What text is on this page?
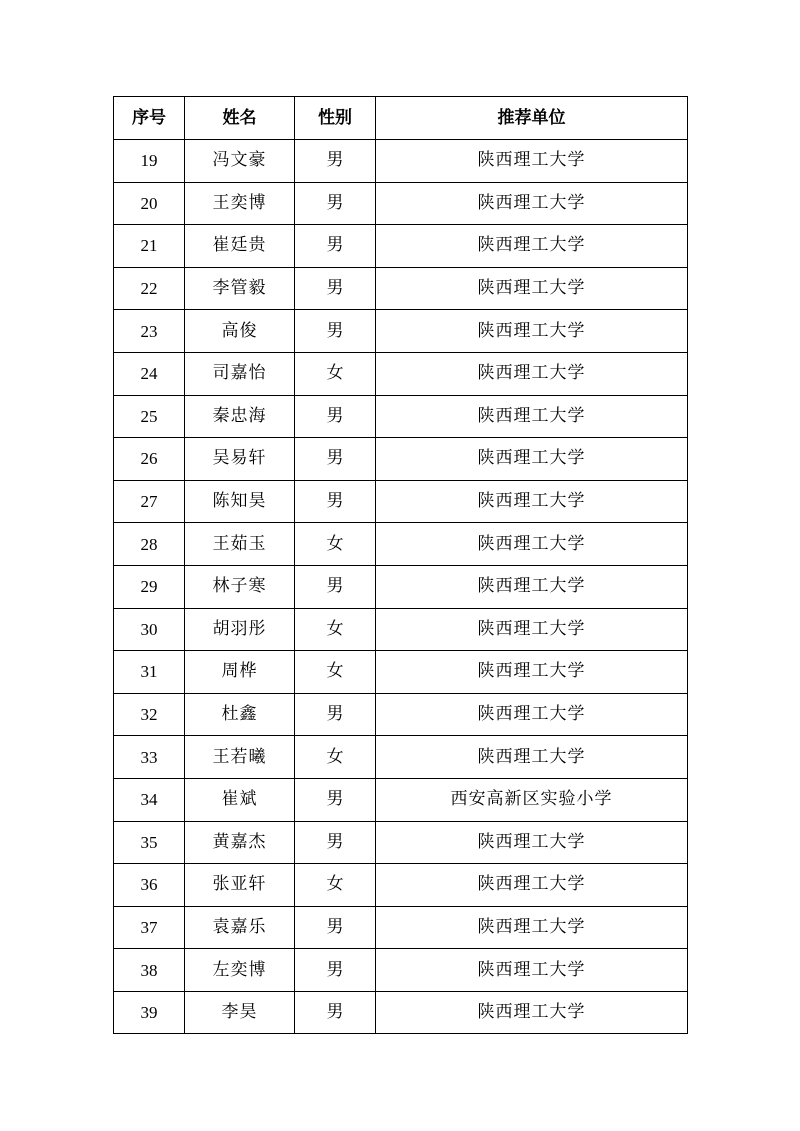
序号	姓名	性别	推荐单位
19	冯文豪	男	陕西理工大学
20	王奕博	男	陕西理工大学
21	崔廷贵	男	陕西理工大学
22	李管毅	男	陕西理工大学
23	高俊	男	陕西理工大学
24	司嘉怡	女	陕西理工大学
25	秦忠海	男	陕西理工大学
26	吴易轩	男	陕西理工大学
27	陈知昊	男	陕西理工大学
28	王茹玉	女	陕西理工大学
29	林子寒	男	陕西理工大学
30	胡羽彤	女	陕西理工大学
31	周桦	女	陕西理工大学
32	杜鑫	男	陕西理工大学
33	王若曦	女	陕西理工大学
34	崔斌	男	西安高新区实验小学
35	黄嘉杰	男	陕西理工大学
36	张亚轩	女	陕西理工大学
37	袁嘉乐	男	陕西理工大学
38	左奕博	男	陕西理工大学
39	李昊	男	陕西理工大学
